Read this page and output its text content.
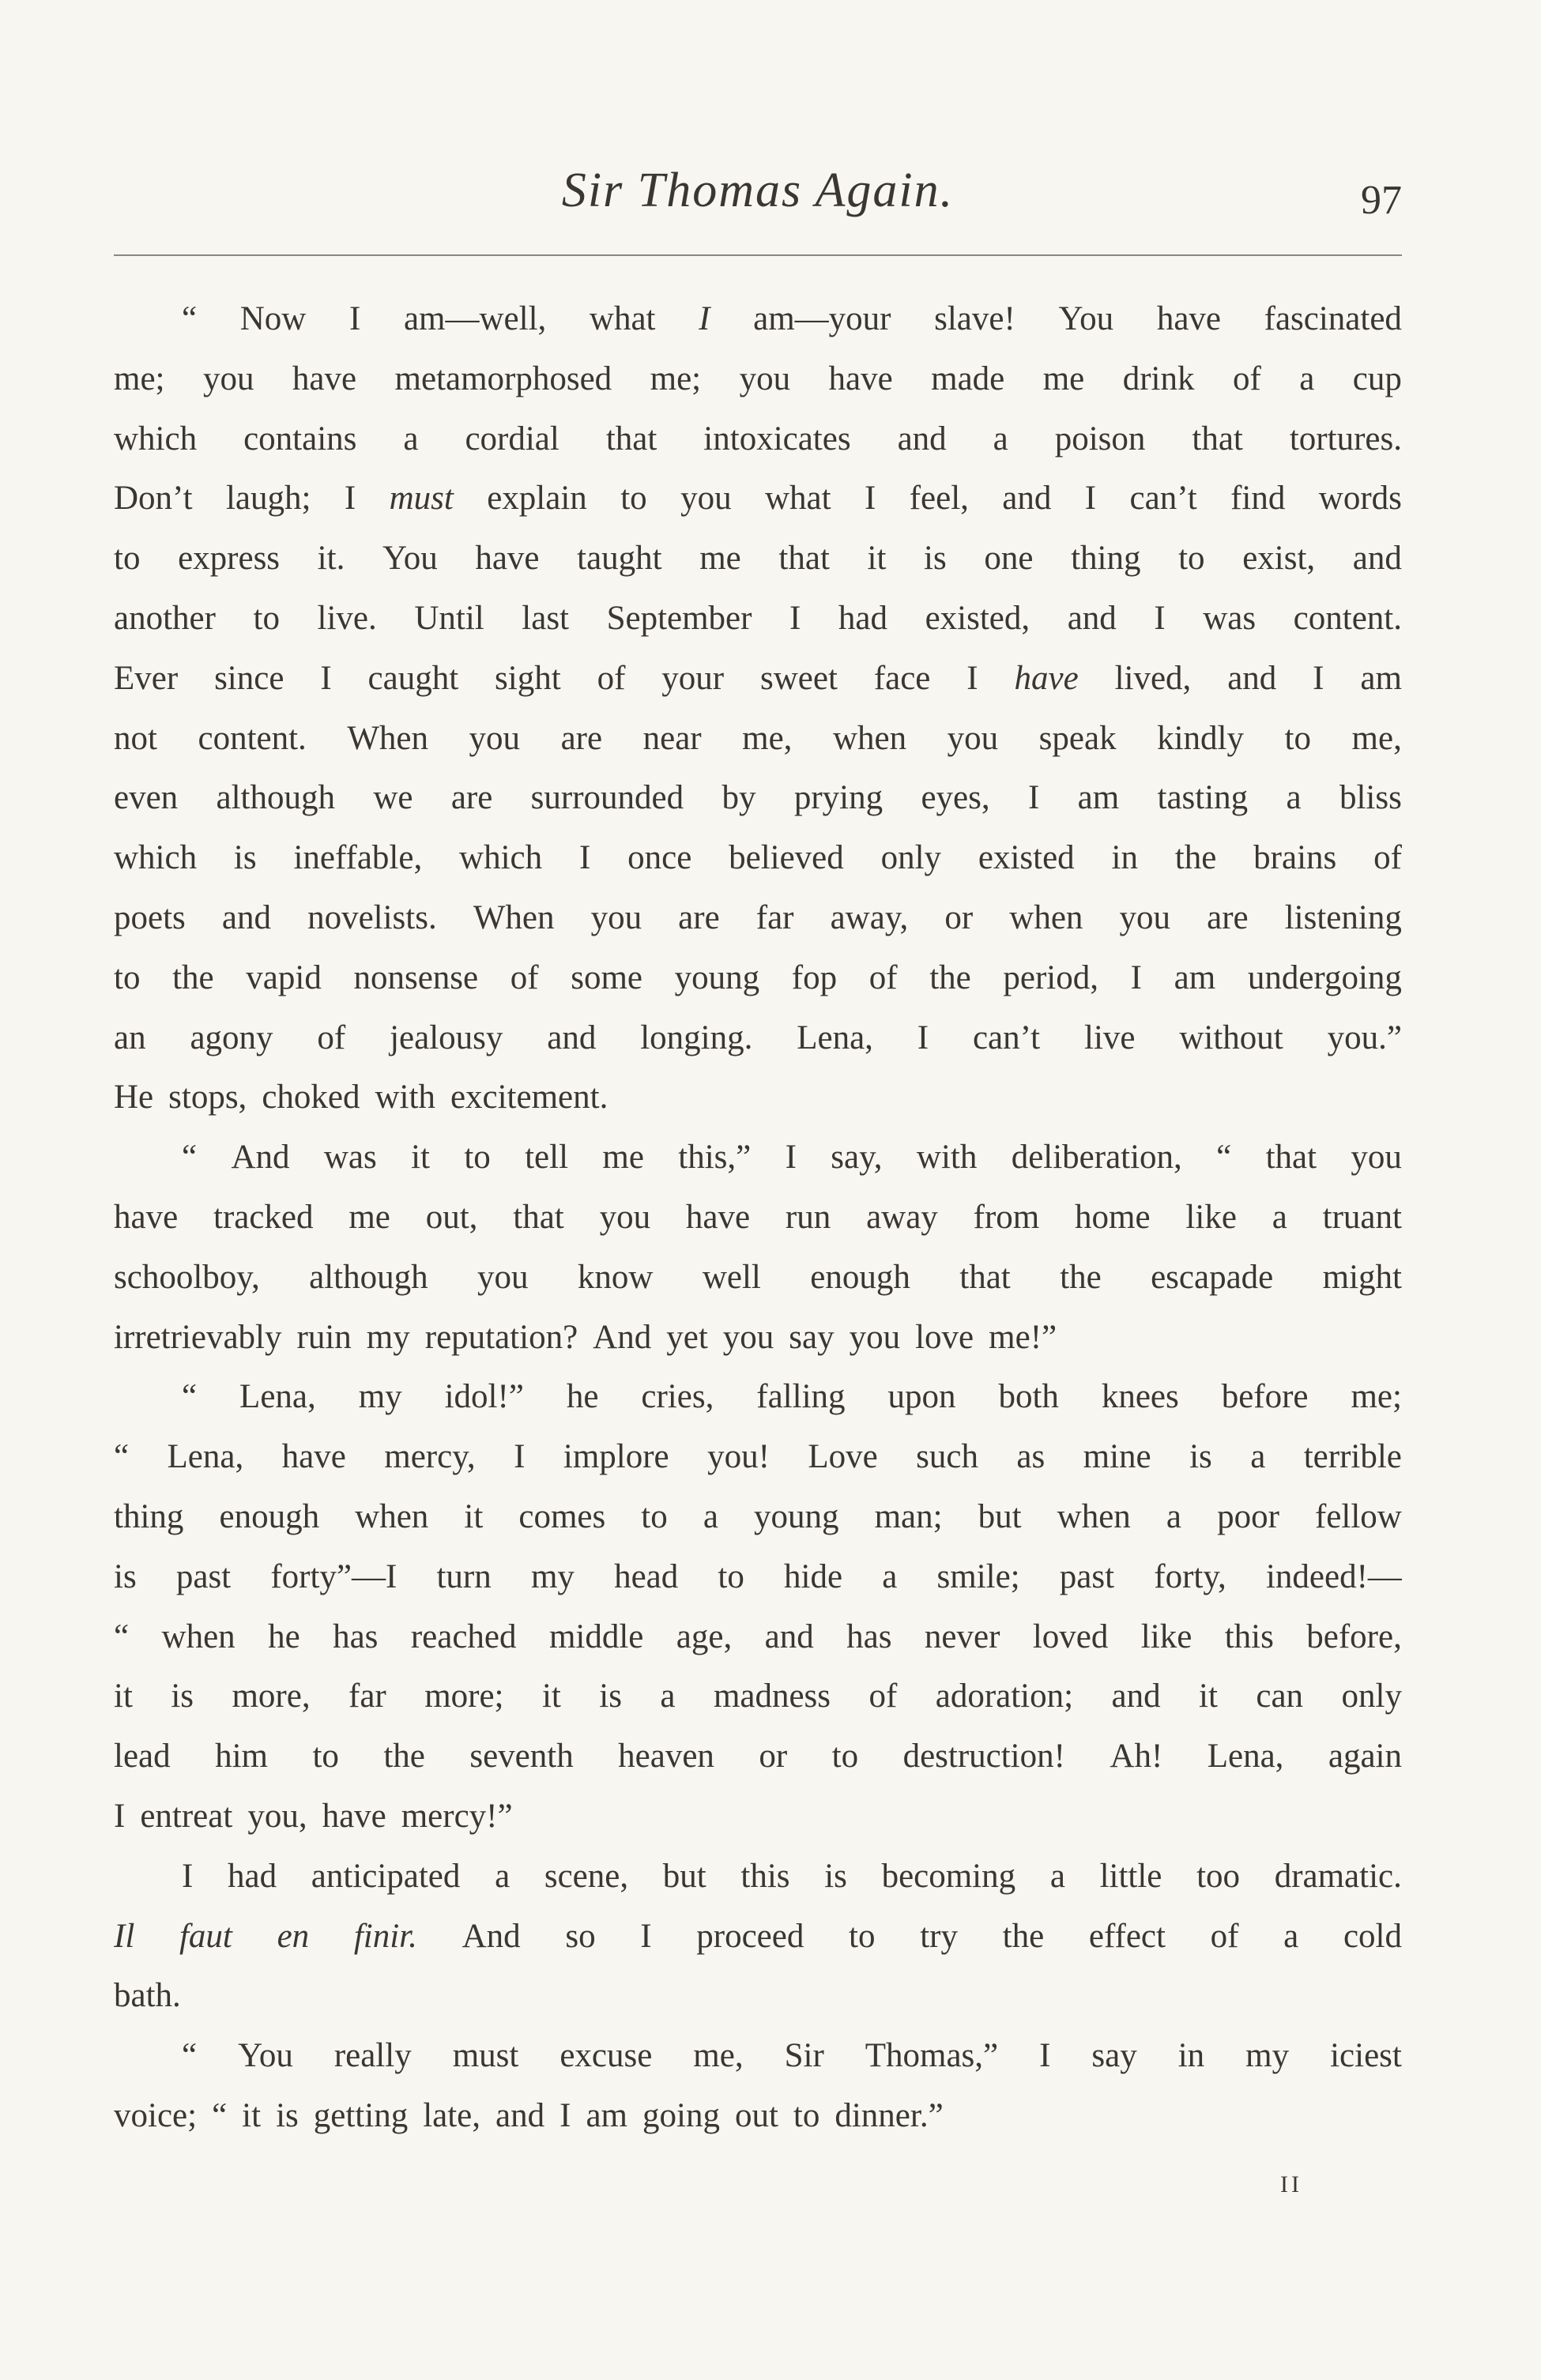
Sir Thomas Again.	97
“ Now I am—well, what I am—your slave! You have fascinated
me; you have metamorphosed me; you have made me drink of a cup
which contains a cordial that intoxicates and a poison that tortures.
Don’t laugh; I must explain to you what I feel, and I can’t find words
to express it. You have taught me that it is one thing to exist, and
another to live. Until last September I had existed, and I was content.
Ever since I caught sight of your sweet face I have lived, and I am
not content. When you are near me, when you speak kindly to me,
even although we are surrounded by prying eyes, I am tasting a bliss
which is ineffable, which I once believed only existed in the brains of
poets and novelists. When you are far away, or when you are listening
to the vapid nonsense of some young fop of the period, I am undergoing
an agony of jealousy and longing. Lena, I can’t live without you.”
He stops, choked with excitement.
“ And was it to tell me this,” I say, with deliberation, “ that you
have tracked me out, that you have run away from home like a truant
schoolboy, although you know well enough that the escapade might
irretrievably ruin my reputation? And yet you say you love me!”
“ Lena, my idol!” he cries, falling upon both knees before me;
“ Lena, have mercy, I implore you! Love such as mine is a terrible
thing enough when it comes to a young man; but when a poor fellow
is past forty”—I turn my head to hide a smile; past forty, indeed!—
“ when he has reached middle age, and has never loved like this before,
it is more, far more; it is a madness of adoration; and it can only
lead him to the seventh heaven or to destruction! Ah! Lena, again
I entreat you, have mercy!”
I had anticipated a scene, but this is becoming a little too dramatic.
Il faut en finir. And so I proceed to try the effect of a cold
bath.
“ You really must excuse me, Sir Thomas,” I say in my iciest
voice; “ it is getting late, and I am going out to dinner.”
II
